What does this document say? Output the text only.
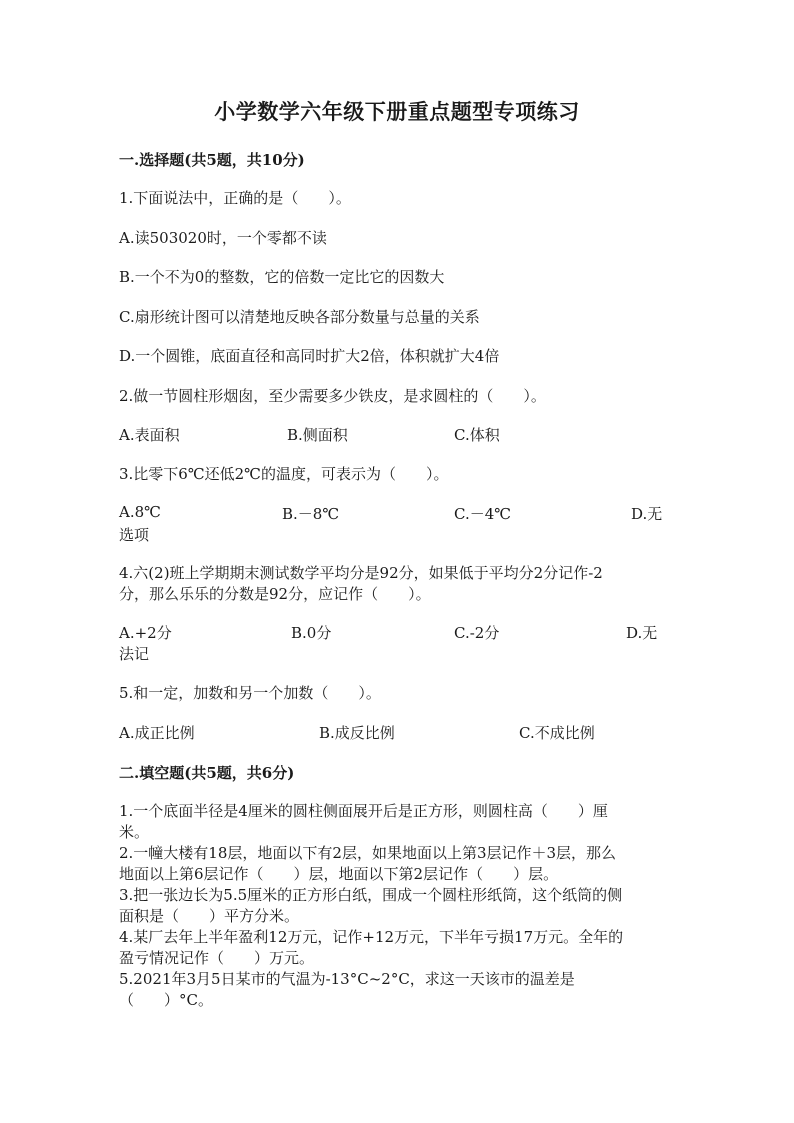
小学数学六年级下册重点题型专项练习
一.选择题(共5题，共10分)
1.下面说法中，正确的是（　　）。
A.读503020时，一个零都不读
B.一个不为0的整数，它的倍数一定比它的因数大
C.扇形统计图可以清楚地反映各部分数量与总量的关系
D.一个圆锥，底面直径和高同时扩大2倍，体积就扩大4倍
2.做一节圆柱形烟囱，至少需要多少铁皮，是求圆柱的（　　）。
A.表面积	B.侧面积	C.体积
3.比零下6℃还低2℃的温度，可表示为（　　）。
A.8℃	B.－8℃	C.－4℃	D.无
选项
4.六(2)班上学期期末测试数学平均分是92分，如果低于平均分2分记作-2
分，那么乐乐的分数是92分，应记作（　　）。
A.+2分	B.0分	C.-2分	D.无
法记
5.和一定，加数和另一个加数（　　）。
A.成正比例	B.成反比例	C.不成比例
二.填空题(共5题，共6分)
1.一个底面半径是4厘米的圆柱侧面展开后是正方形，则圆柱高（　　）厘
米。
2.一幢大楼有18层，地面以下有2层，如果地面以上第3层记作＋3层，那么
地面以上第6层记作（　　）层，地面以下第2层记作（　　）层。
3.把一张边长为5.5厘米的正方形白纸，围成一个圆柱形纸筒，这个纸筒的侧
面积是（　　）平方分米。
4.某厂去年上半年盈利12万元，记作+12万元，下半年亏损17万元。全年的
盈亏情况记作（　　）万元。
5.2021年3月5日某市的气温为-13°C~2°C，求这一天该市的温差是
（　　）°C。
